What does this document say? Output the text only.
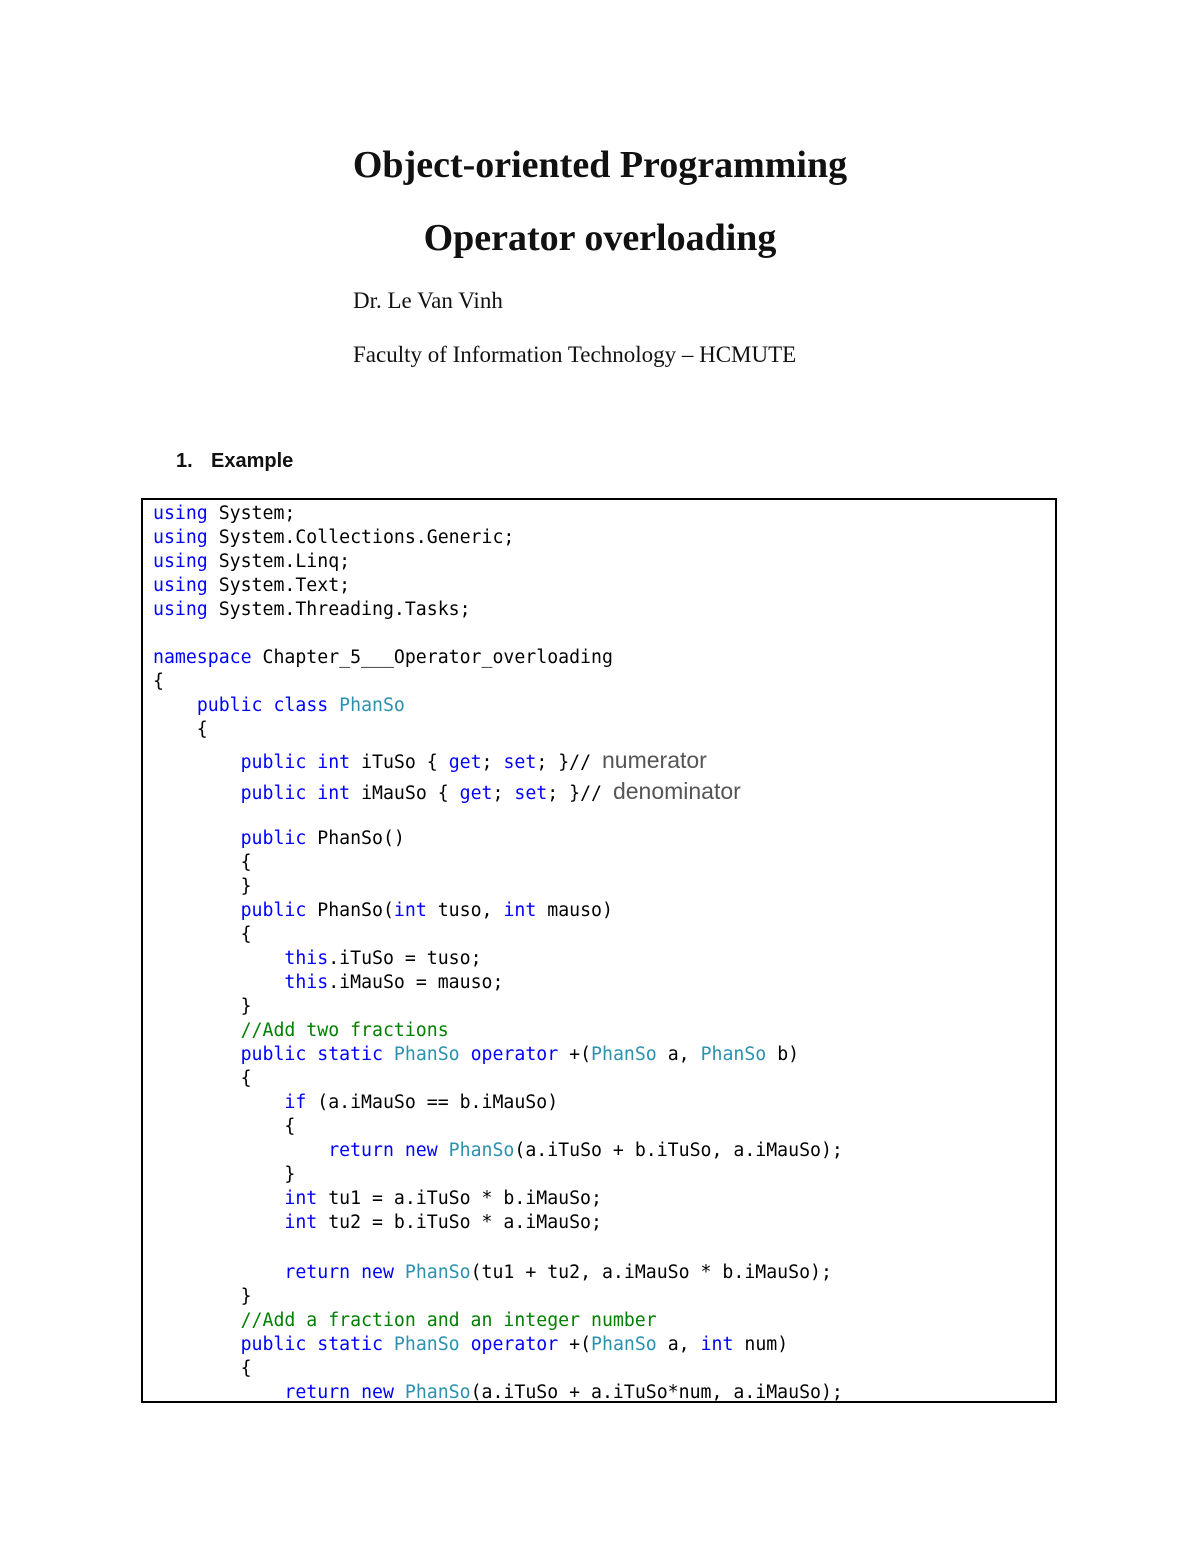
Object-oriented Programming
Operator overloading
Dr. Le Van Vinh
Faculty of Information Technology – HCMUTE
1. Example
using System;
using System.Collections.Generic;
using System.Linq;
using System.Text;
using System.Threading.Tasks;
namespace Chapter_5___Operator_overloading
{
public class PhanSo
{
public int iTuSo { get; set; }// numerator
public int iMauSo { get; set; }// denominator
public PhanSo()
{
}
public PhanSo(int tuso, int mauso)
{
this.iTuSo = tuso;
this.iMauSo = mauso;
}
//Add two fractions
public static PhanSo operator +(PhanSo a, PhanSo b)
{
if (a.iMauSo == b.iMauSo)
{
return new PhanSo(a.iTuSo + b.iTuSo, a.iMauSo);
}
int tu1 = a.iTuSo * b.iMauSo;
int tu2 = b.iTuSo * a.iMauSo;
return new PhanSo(tu1 + tu2, a.iMauSo * b.iMauSo);
}
//Add a fraction and an integer number
public static PhanSo operator +(PhanSo a, int num)
{
return new PhanSo(a.iTuSo + a.iTuSo*num, a.iMauSo);
